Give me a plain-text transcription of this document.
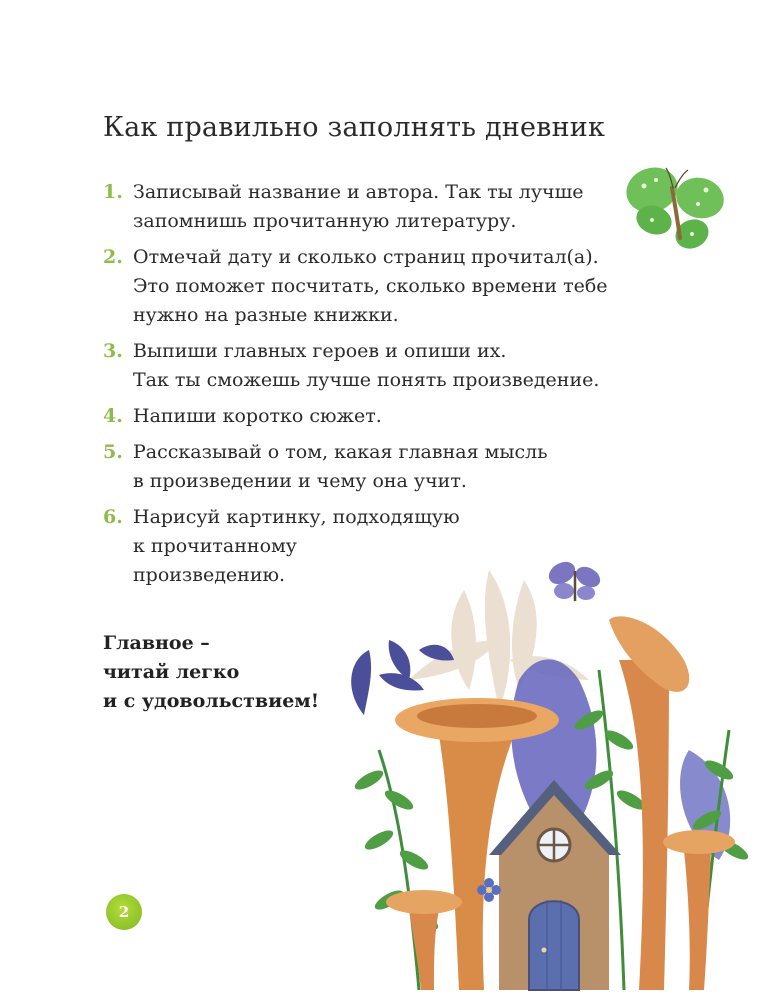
Как правильно заполнять дневник
1. Записывай название и автора. Так ты лучше
запомнишь прочитанную литературу.
2. Отмечай дату и сколько страниц прочитал(а).
Это поможет посчитать, сколько времени тебе
нужно на разные книжки.
3. Выпиши главных героев и опиши их.
Так ты сможешь лучше понять произведение.
4. Напиши коротко сюжет.
5. Рассказывай о том, какая главная мысль
в произведении и чему она учит.
6. Нарисуй картинку, подходящую
к прочитанному
произведению.
Главное –
читай легко
и с удовольствием!
2
